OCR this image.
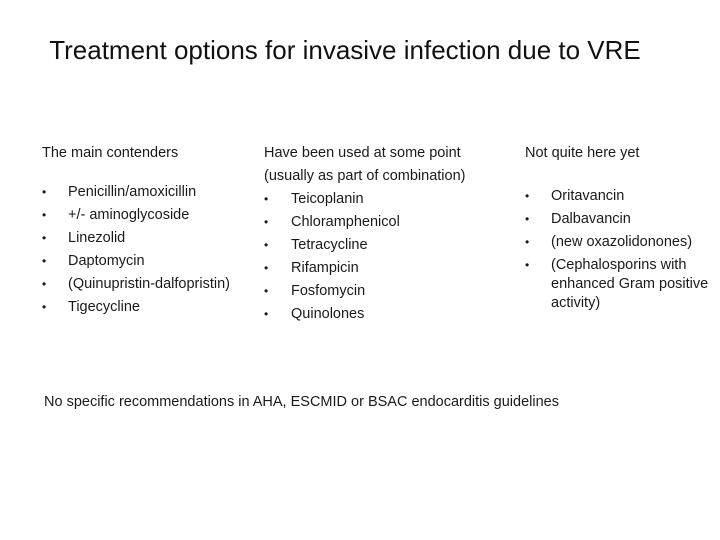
Treatment options for invasive infection due to VRE
The main contenders
• Penicillin/amoxicillin
• +/- aminoglycoside
• Linezolid
• Daptomycin
• (Quinupristin-dalfopristin)
• Tigecycline
Have been used at some point (usually as part of combination)
• Teicoplanin
• Chloramphenicol
• Tetracycline
• Rifampicin
• Fosfomycin
• Quinolones
Not quite here yet
• Oritavancin
• Dalbavancin
• (new oxazolidonones)
• (Cephalosporins with enhanced Gram positive activity)
No specific recommendations in AHA, ESCMID or BSAC endocarditis guidelines
